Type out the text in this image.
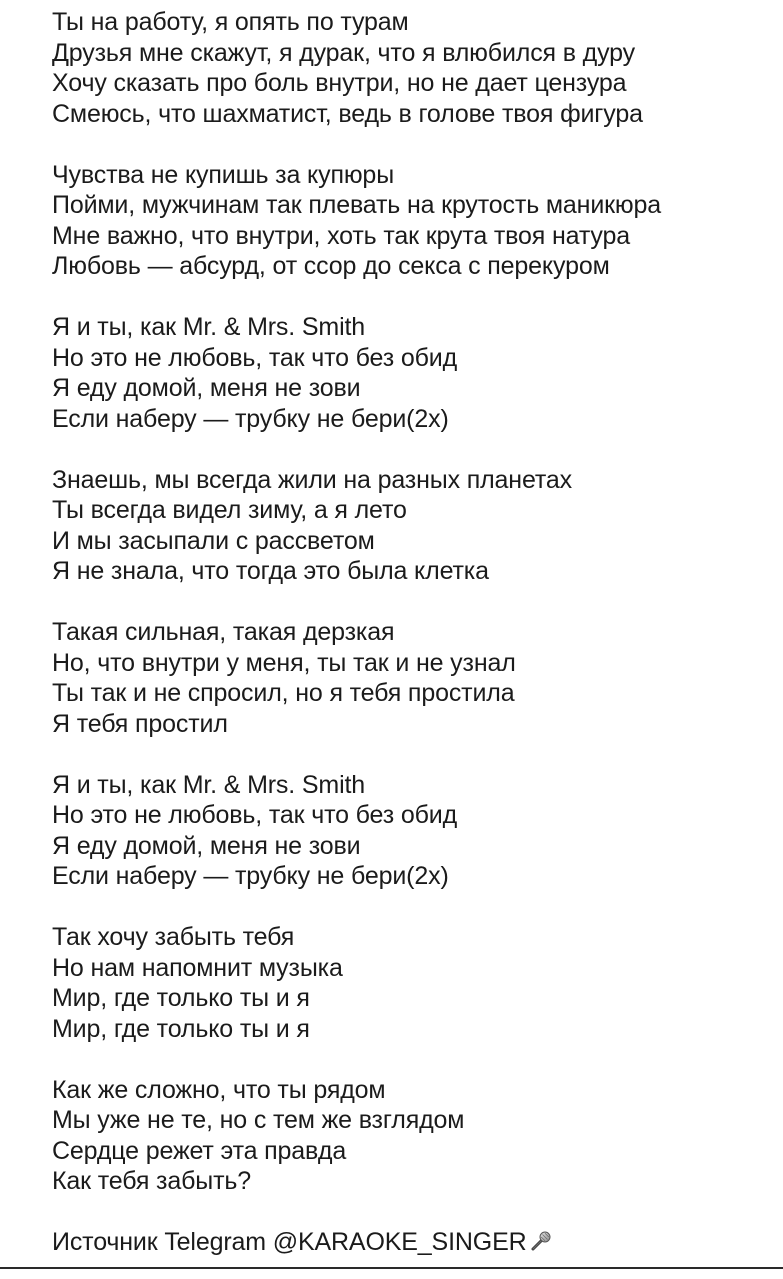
Ты на работу, я опять по турам
Друзья мне скажут, я дурак, что я влюбился в дуру
Хочу сказать про боль внутри, но не дает цензура
Смеюсь, что шахматист, ведь в голове твоя фигура
Чувства не купишь за купюры
Пойми, мужчинам так плевать на крутость маникюра
Мне важно, что внутри, хоть так крута твоя натура
Любовь — абсурд, от ссор до секса с перекуром
Я и ты, как Mr. & Mrs. Smith
Но это не любовь, так что без обид
Я еду домой, меня не зови
Если наберу — трубку не бери(2x)
Знаешь, мы всегда жили на разных планетах
Ты всегда видел зиму, а я лето
И мы засыпали с рассветом
Я не знала, что тогда это была клетка
Такая сильная, такая дерзкая
Но, что внутри у меня, ты так и не узнал
Ты так и не спросил, но я тебя простила
Я тебя простил
Я и ты, как Mr. & Mrs. Smith
Но это не любовь, так что без обид
Я еду домой, меня не зови
Если наберу — трубку не бери(2x)
Так хочу забыть тебя
Но нам напомнит музыка
Мир, где только ты и я
Мир, где только ты и я
Как же сложно, что ты рядом
Мы уже не те, но с тем же взглядом
Сердце режет эта правда
Как тебя забыть?
Источник Telegram @KARAOKE_SINGER
